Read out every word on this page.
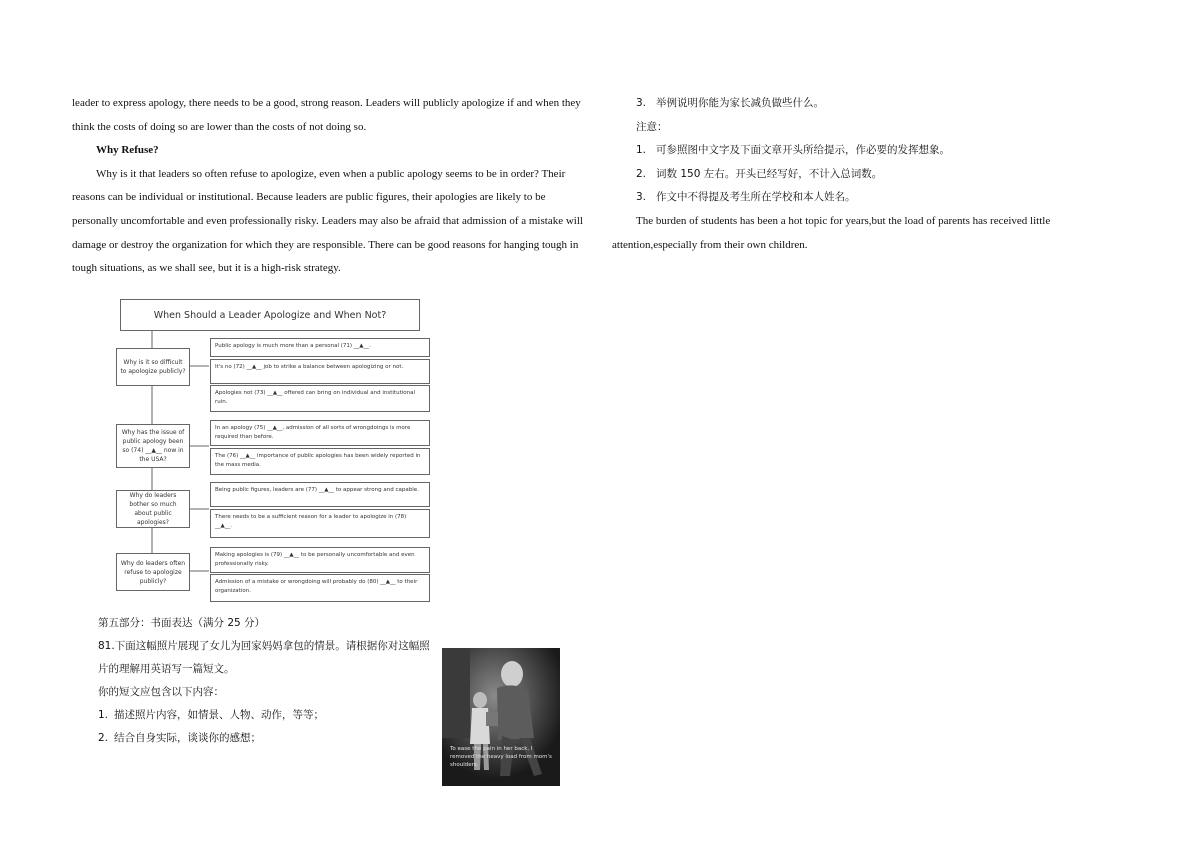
leader to express apology, there needs to be a good, strong reason. Leaders will publicly apologize if and when they think the costs of doing so are lower than the costs of not doing so.

Why Refuse?

Why is it that leaders so often refuse to apologize, even when a public apology seems to be in order? Their reasons can be individual or institutional. Because leaders are public figures, their apologies are likely to be personally uncomfortable and even professionally risky. Leaders may also be afraid that admission of a mistake will damage or destroy the organization for which they are responsible. There can be good reasons for hanging tough in tough situations, as we shall see, but it is a high-risk strategy.

When Should a Leader Apologize and When Not?
Why is it so difficult to apologize publicly?
Public apology is much more than a personal (71) __▲__.
It's no (72) __▲__ job to strike a balance between apologizing or not.
Apologies not (73) __▲__ offered can bring on individual and institutional ruin.
Why has the issue of public apology been so (74) __▲__ now in the USA?
In an apology (75) __▲__, admission of all sorts of wrongdoings is more required than before.
The (76) __▲__ importance of public apologies has been widely reported in the mass media.
Why do leaders bother so much about public apologies?
Being public figures, leaders are (77) __▲__ to appear strong and capable.
There needs to be a sufficient reason for a leader to apologize in (78) __▲__.
Why do leaders often refuse to apologize publicly?
Making apologies is (79) __▲__ to be personally uncomfortable and even professionally risky.
Admission of a mistake or wrongdoing will probably do (80) __▲__ to their organization.

第五部分：书面表达（满分 25 分）

81.下面这幅照片展现了女儿为回家妈妈拿包的情景。请根据你对这幅照片的理解用英语写一篇短文。

你的短文应包含以下内容：

1. 描述照片内容，如情景、人物、动作，等等；

2. 结合自身实际，谈谈你的感想；

To ease the pain in her back, I removed the heavy load from mom's shoulders.

3. 举例说明你能为家长减负做些什么。

注意：

1. 可参照图中文字及下面文章开头所给提示，作必要的发挥想象。

2. 词数 150 左右。开头已经写好，不计入总词数。

3. 作文中不得提及考生所在学校和本人姓名。

The burden of students has been a hot topic for years,but the load of parents has received little attention,especially from their own children.
